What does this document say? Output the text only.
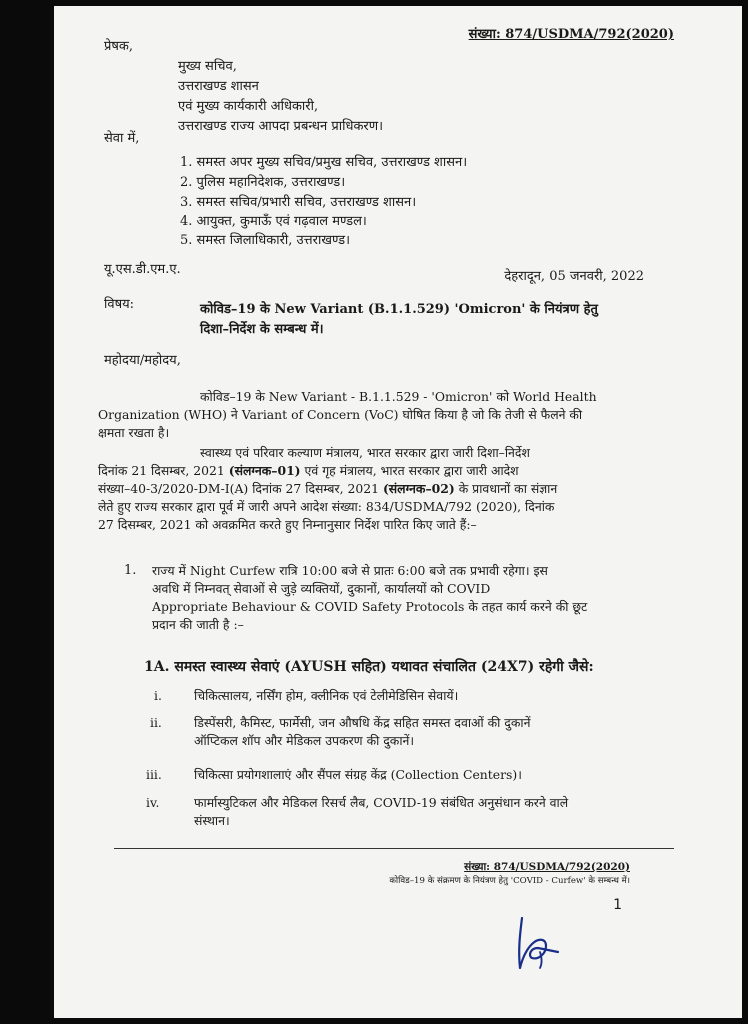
संख्या: 874/USDMA/792(2020)
प्रेषक,
मुख्य सचिव,
उत्तराखण्ड शासन
एवं मुख्य कार्यकारी अधिकारी,
उत्तराखण्ड राज्य आपदा प्रबन्धन प्राधिकरण।
सेवा में,
1. समस्त अपर मुख्य सचिव/प्रमुख सचिव, उत्तराखण्ड शासन।
2. पुलिस महानिदेशक, उत्तराखण्ड।
3. समस्त सचिव/प्रभारी सचिव, उत्तराखण्ड शासन।
4. आयुक्त, कुमाऊँ एवं गढ़वाल मण्डल।
5. समस्त जिलाधिकारी, उत्तराखण्ड।
यू.एस.डी.एम.ए.	देहरादून, 05 जनवरी, 2022
विषय:	कोविड–19 के New Variant (B.1.1.529) 'Omicron' के नियंत्रण हेतु
दिशा–निर्देश के सम्बन्ध में।
महोदया/महोदय,
कोविड–19 के New Variant - B.1.1.529 - 'Omicron' को World Health
Organization (WHO) ने Variant of Concern (VoC) घोषित किया है जो कि तेजी से फैलने की
क्षमता रखता है।
स्वास्थ्य एवं परिवार कल्याण मंत्रालय, भारत सरकार द्वारा जारी दिशा–निर्देश
दिनांक 21 दिसम्बर, 2021 (संलग्नक–01) एवं गृह मंत्रालय, भारत सरकार द्वारा जारी आदेश
संख्या–40-3/2020-DM-I(A) दिनांक 27 दिसम्बर, 2021 (संलग्नक–02) के प्रावधानों का संज्ञान
लेते हुए राज्य सरकार द्वारा पूर्व में जारी अपने आदेश संख्या: 834/USDMA/792 (2020), दिनांक
27 दिसम्बर, 2021 को अवक्रमित करते हुए निम्नानुसार निर्देश पारित किए जाते हैं:–
1. राज्य में Night Curfew रात्रि 10:00 बजे से प्रातः 6:00 बजे तक प्रभावी रहेगा। इस
अवधि में निम्नवत् सेवाओं से जुड़े व्यक्तियों, दुकानों, कार्यालयों को COVID
Appropriate Behaviour & COVID Safety Protocols के तहत कार्य करने की छूट
प्रदान की जाती है :–
1A. समस्त स्वास्थ्य सेवाएं (AYUSH सहित) यथावत संचालित (24X7) रहेगी जैसे:
i.	चिकित्सालय, नर्सिंग होम, क्लीनिक एवं टेलीमेडिसिन सेवायें।
ii.	डिस्पेंसरी, कैमिस्ट, फार्मेसी, जन औषधि केंद्र सहित समस्त दवाओं की दुकानें
ऑप्टिकल शॉप और मेडिकल उपकरण की दुकानें।
iii.	चिकित्सा प्रयोगशालाएं और सैंपल संग्रह केंद्र (Collection Centers)।
iv.	फार्मास्युटिकल और मेडिकल रिसर्च लैब, COVID-19 संबंधित अनुसंधान करने वाले
संस्थान।
संख्या: 874/USDMA/792(2020)
कोविड–19 के संक्रमण के नियंत्रण हेतु 'COVID - Curfew' के सम्बन्ध में।
1
